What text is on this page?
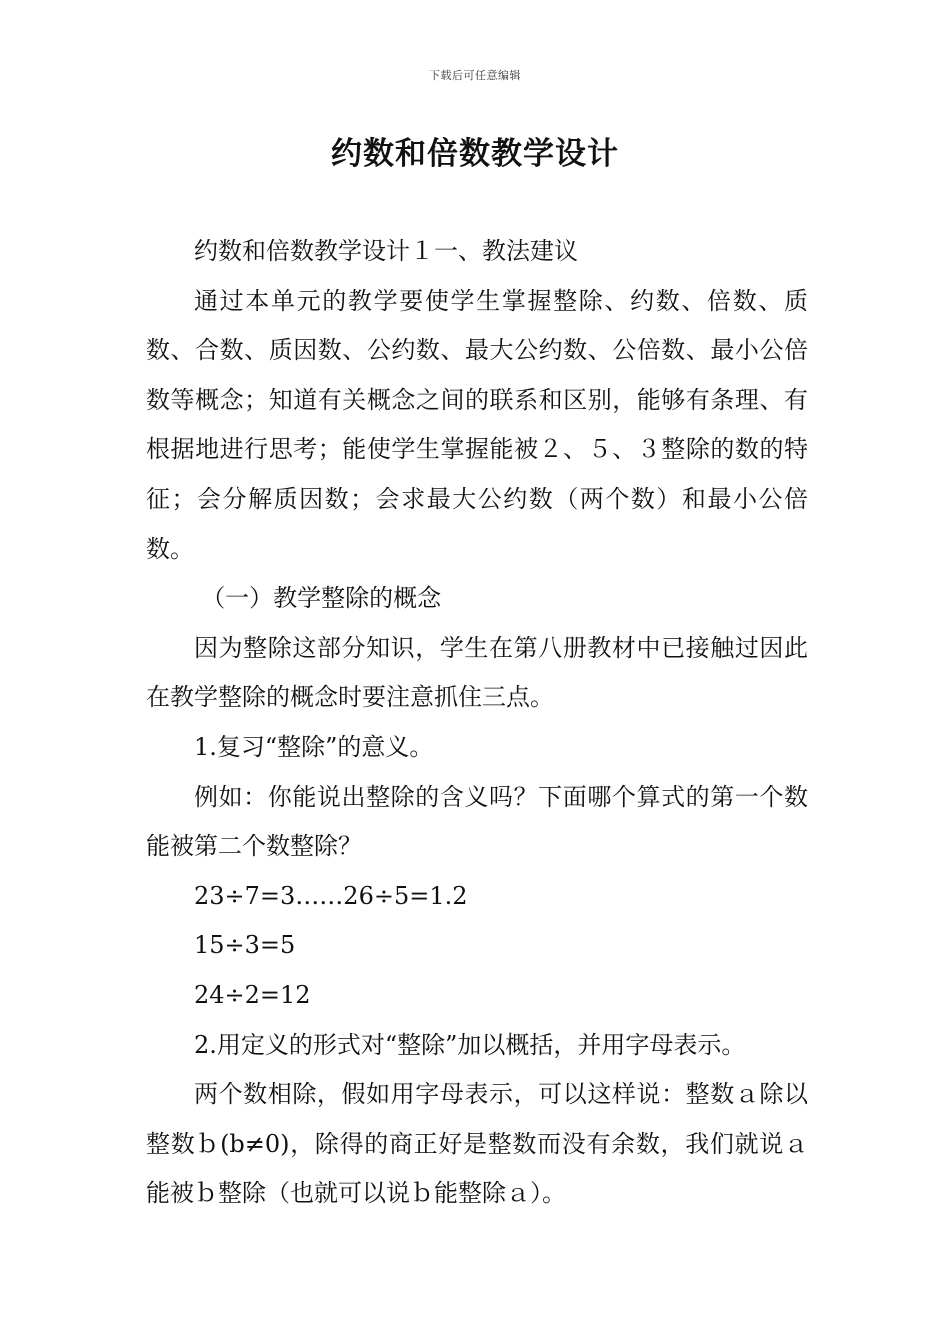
下载后可任意编辑
约数和倍数教学设计

约数和倍数教学设计１一、教法建议

通过本单元的教学要使学生掌握整除、约数、倍数、质数、合数、质因数、公约数、最大公约数、公倍数、最小公倍数等概念；知道有关概念之间的联系和区别，能够有条理、有根据地进行思考；能使学生掌握能被２、５、３整除的数的特征；会分解质因数；会求最大公约数（两个数）和最小公倍数。

（一）教学整除的概念

因为整除这部分知识，学生在第八册教材中已接触过因此在教学整除的概念时要注意抓住三点。

1.复习“整除”的意义。

例如：你能说出整除的含义吗？下面哪个算式的第一个数能被第二个数整除？

23÷7=3……26÷5=1.2

15÷3=5

24÷2=12

2.用定义的形式对“整除”加以概括，并用字母表示。

两个数相除，假如用字母表示，可以这样说：整数ａ除以整数ｂ(b≠0)，除得的商正好是整数而没有余数，我们就说ａ能被ｂ整除（也就可以说ｂ能整除ａ）。
